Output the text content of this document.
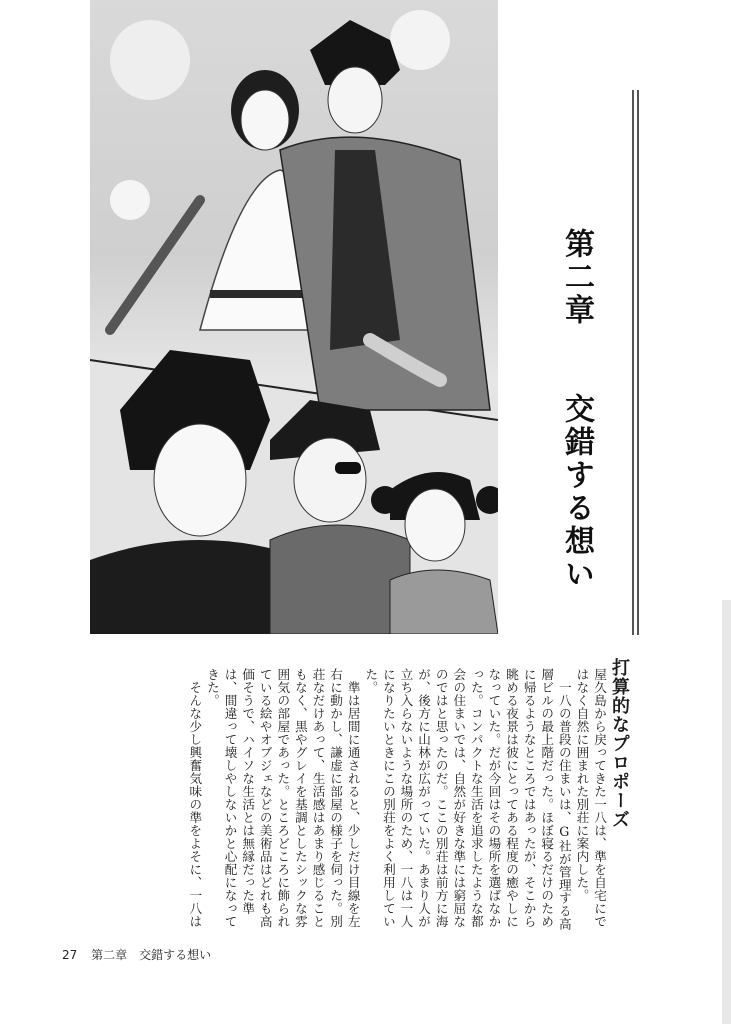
第二章　　交錯する想い
打算的なプロポーズ

屋久島から戻ってきた一八は、準を自宅にではなく自然に囲まれた別荘に案内した。

一八の普段の住まいは、G社が管理する高層ビルの最上階だった。ほぼ寝るだけのために帰るようなところではあったが、そこから眺める夜景は彼にとってある程度の癒やしになっていた。だが今回はその場所を選ばなかった。コンパクトな生活を追求したような都会の住まいでは、自然が好きな準には窮屈なのではと思ったのだ。ここの別荘は前方に海が、後方に山林が広がっていた。あまり人が立ち入らないような場所のため、一八は一人になりたいときにこの別荘をよく利用していた。

準は居間に通されると、少しだけ目線を左右に動かし、謙虚に部屋の様子を伺った。別荘なだけあって、生活感はあまり感じることもなく、黒やグレイを基調としたシックな雰囲気の部屋であった。ところどころに飾られている絵やオブジェなどの美術品はどれも高価そうで、ハイソな生活とは無縁だった準は、間違って壊しやしないかと心配になってきた。

そんな少し興奮気味の準をよそに、一八は

27 第二章　交錯する想い
